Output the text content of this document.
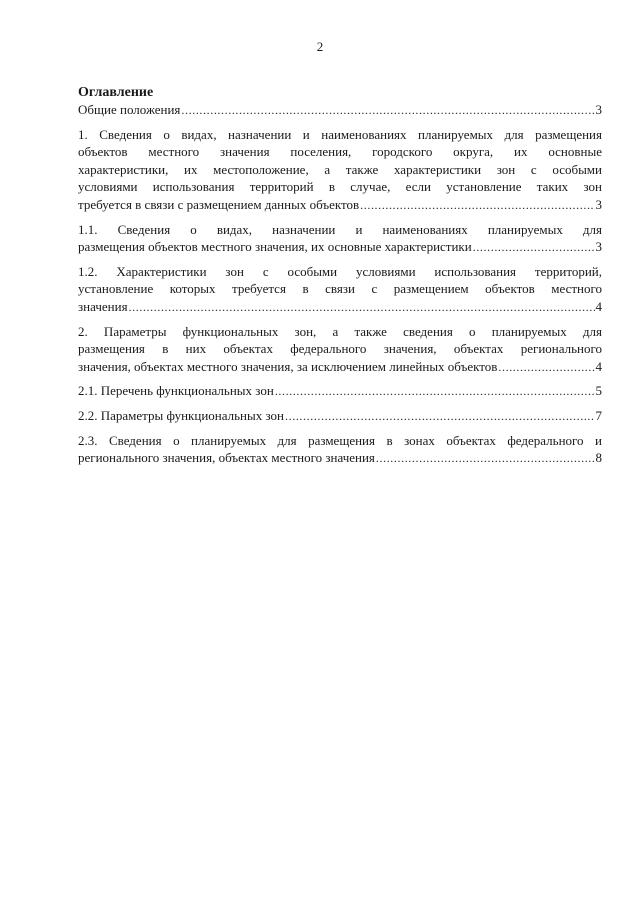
2
Оглавление
Общие положения .....	3
1. Сведения о видах, назначении и наименованиях планируемых для размещения
объектов местного значения поселения, городского округа, их основные
характеристики, их местоположение, а также характеристики зон с особыми
условиями использования территорий в случае, если установление таких зон
требуется в связи с размещением данных объектов .....	3
1.1. Сведения о видах, назначении и наименованиях планируемых для
размещения объектов местного значения, их основные характеристики .....	3
1.2. Характеристики зон с особыми условиями использования территорий,
установление которых требуется в связи с размещением объектов местного
значения .....	4
2. Параметры функциональных зон, а также сведения о планируемых для
размещения в них объектах федерального значения, объектах регионального
значения, объектах местного значения, за исключением линейных объектов .....	4
2.1. Перечень функциональных зон .....	5
2.2. Параметры функциональных зон .....	7
2.3. Сведения о планируемых для размещения в зонах объектах федерального и
регионального значения, объектах местного значения .....	8
